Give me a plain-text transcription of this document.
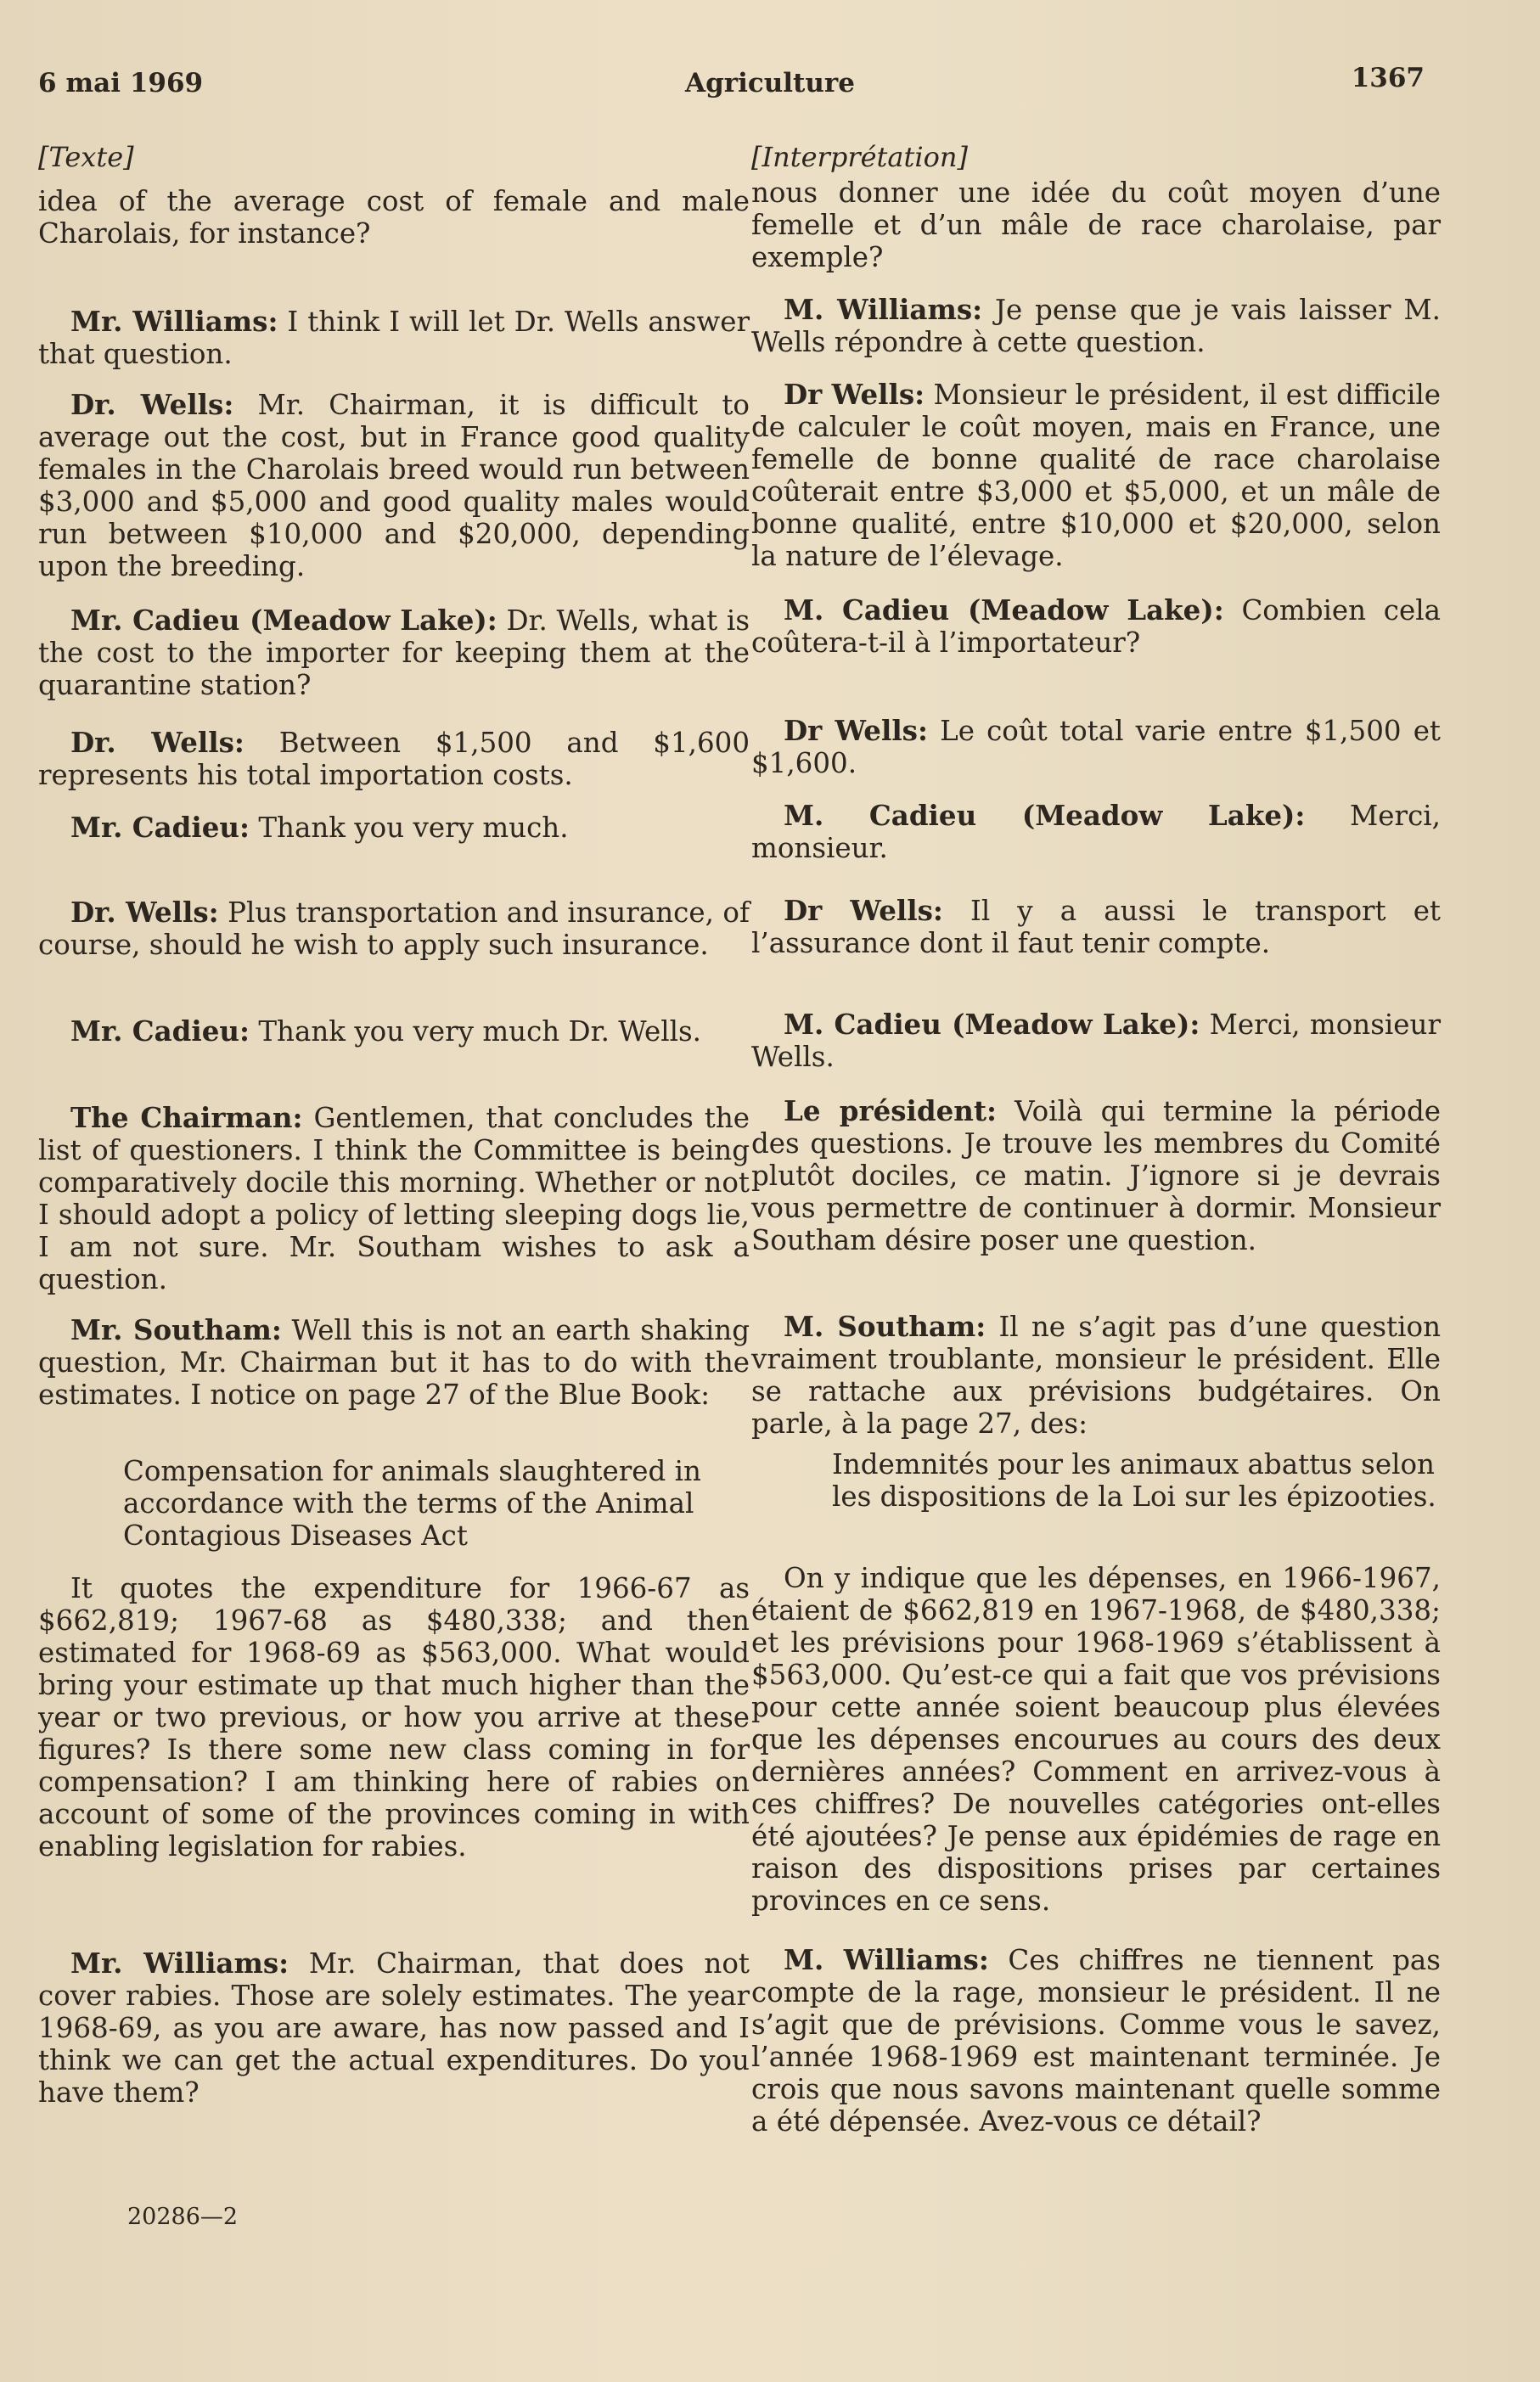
6 mai 1969	Agriculture	1367
[Texte]

idea of the average cost of female and male Charolais, for instance?

Mr. Williams: I think I will let Dr. Wells answer that question.

Dr. Wells: Mr. Chairman, it is difficult to average out the cost, but in France good quality females in the Charolais breed would run between $3,000 and $5,000 and good quality males would run between $10,000 and $20,000, depending upon the breeding.

Mr. Cadieu (Meadow Lake): Dr. Wells, what is the cost to the importer for keeping them at the quarantine station?

Dr. Wells: Between $1,500 and $1,600 represents his total importation costs.

Mr. Cadieu: Thank you very much.

Dr. Wells: Plus transportation and insurance, of course, should he wish to apply such insurance.

Mr. Cadieu: Thank you very much Dr. Wells.

The Chairman: Gentlemen, that concludes the list of questioners. I think the Committee is being comparatively docile this morning. Whether or not I should adopt a policy of letting sleeping dogs lie, I am not sure. Mr. Southam wishes to ask a question.

Mr. Southam: Well this is not an earth shaking question, Mr. Chairman but it has to do with the estimates. I notice on page 27 of the Blue Book:

Compensation for animals slaughtered in accordance with the terms of the Animal Contagious Diseases Act

It quotes the expenditure for 1966-67 as $662,819; 1967-68 as $480,338; and then estimated for 1968-69 as $563,000. What would bring your estimate up that much higher than the year or two previous, or how you arrive at these figures? Is there some new class coming in for compensation? I am thinking here of rabies on account of some of the provinces coming in with enabling legislation for rabies.

Mr. Williams: Mr. Chairman, that does not cover rabies. Those are solely estimates. The year 1968-69, as you are aware, has now passed and I think we can get the actual expenditures. Do you have them?

[Interprétation]

nous donner une idée du coût moyen d’une femelle et d’un mâle de race charolaise, par exemple?

M. Williams: Je pense que je vais laisser M. Wells répondre à cette question.

Dr Wells: Monsieur le président, il est difficile de calculer le coût moyen, mais en France, une femelle de bonne qualité de race charolaise coûterait entre $3,000 et $5,000, et un mâle de bonne qualité, entre $10,000 et $20,000, selon la nature de l’élevage.

M. Cadieu (Meadow Lake): Combien cela coûtera-t-il à l’importateur?

Dr Wells: Le coût total varie entre $1,500 et $1,600.

M. Cadieu (Meadow Lake): Merci, monsieur.

Dr Wells: Il y a aussi le transport et l’assurance dont il faut tenir compte.

M. Cadieu (Meadow Lake): Merci, monsieur Wells.

Le président: Voilà qui termine la période des questions. Je trouve les membres du Comité plutôt dociles, ce matin. J’ignore si je devrais vous permettre de continuer à dormir. Monsieur Southam désire poser une question.

M. Southam: Il ne s’agit pas d’une question vraiment troublante, monsieur le président. Elle se rattache aux prévisions budgétaires. On parle, à la page 27, des:

Indemnités pour les animaux abattus selon les dispositions de la Loi sur les épizooties.

On y indique que les dépenses, en 1966-1967, étaient de $662,819 en 1967-1968, de $480,338; et les prévisions pour 1968-1969 s’établissent à $563,000. Qu’est-ce qui a fait que vos prévisions pour cette année soient beaucoup plus élevées que les dépenses encourues au cours des deux dernières années? Comment en arrivez-vous à ces chiffres? De nouvelles catégories ont-elles été ajoutées? Je pense aux épidémies de rage en raison des dispositions prises par certaines provinces en ce sens.

M. Williams: Ces chiffres ne tiennent pas compte de la rage, monsieur le président. Il ne s’agit que de prévisions. Comme vous le savez, l’année 1968-1969 est maintenant terminée. Je crois que nous savons maintenant quelle somme a été dépensée. Avez-vous ce détail?

20286—2
